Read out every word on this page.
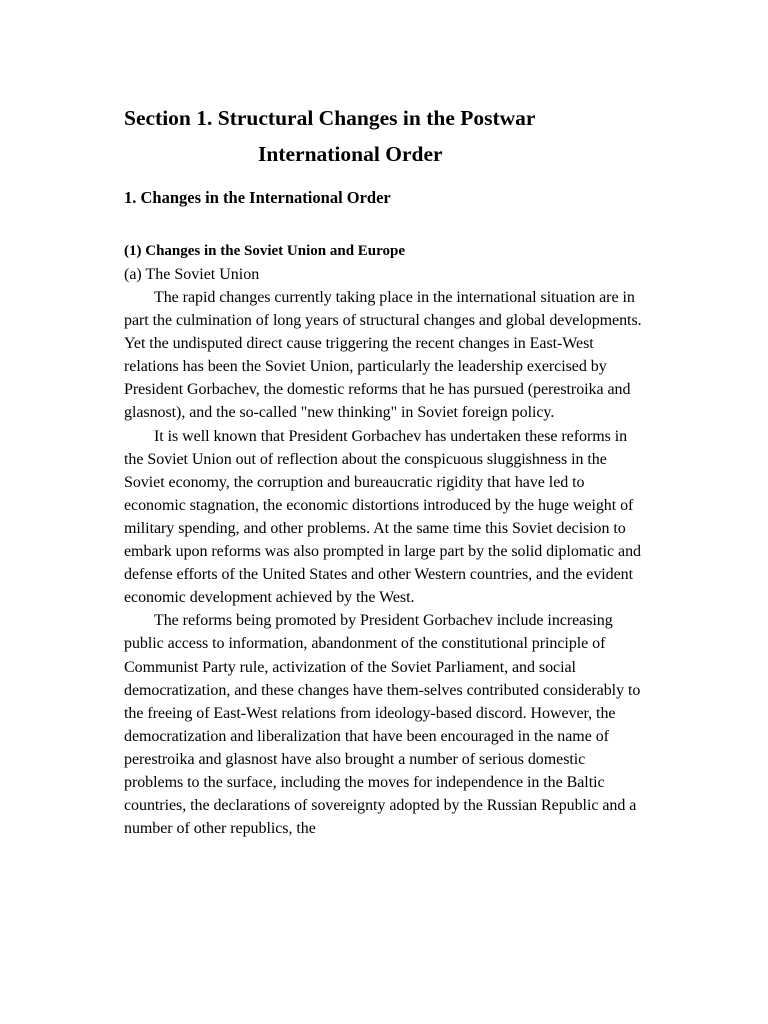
Section 1. Structural Changes in the Postwar
International Order
1. Changes in the International Order
(1) Changes in the Soviet Union and Europe
(a) The Soviet Union

The rapid changes currently taking place in the international situation are in part the culmination of long years of structural changes and global developments. Yet the undisputed direct cause triggering the recent changes in East-West relations has been the Soviet Union, particularly the leadership exercised by President Gorbachev, the domestic reforms that he has pursued (perestroika and glasnost), and the so-called "new thinking" in Soviet foreign policy.

It is well known that President Gorbachev has undertaken these reforms in the Soviet Union out of reflection about the conspicuous sluggishness in the Soviet economy, the corruption and bureaucratic rigidity that have led to economic stagnation, the economic distortions introduced by the huge weight of military spending, and other problems. At the same time this Soviet decision to embark upon reforms was also prompted in large part by the solid diplomatic and defense efforts of the United States and other Western countries, and the evident economic development achieved by the West.

The reforms being promoted by President Gorbachev include increasing public access to information, abandonment of the constitutional principle of Communist Party rule, activization of the Soviet Parliament, and social democratization, and these changes have them-selves contributed considerably to the freeing of East-West relations from ideology-based discord. However, the democratization and liberalization that have been encouraged in the name of perestroika and glasnost have also brought a number of serious domestic problems to the surface, including the moves for independence in the Baltic countries, the declarations of sovereignty adopted by the Russian Republic and a number of other republics, the
